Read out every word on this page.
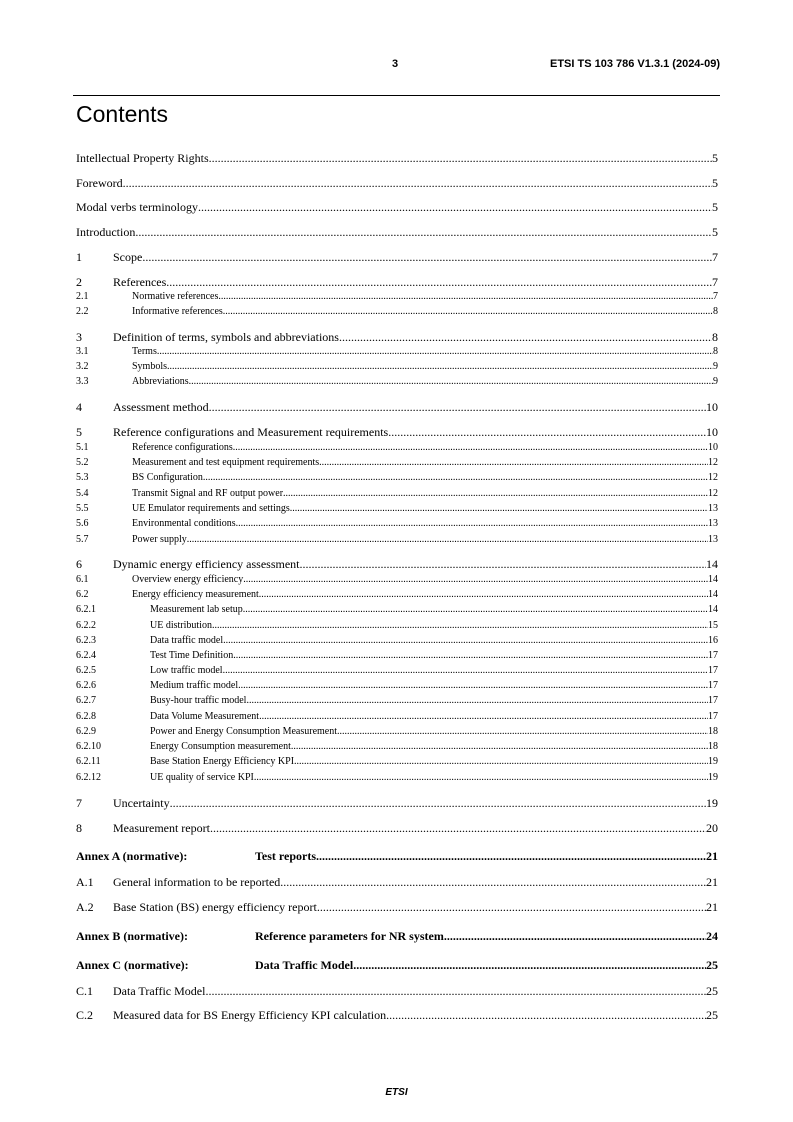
3	ETSI TS 103 786 V1.3.1 (2024-09)
Contents
Intellectual Property Rights .....	5
Foreword .....	5
Modal verbs terminology .....	5
Introduction .....	5
1	Scope .....	7
2	References .....	7
2.1	Normative references .....	7
2.2	Informative references .....	8
3	Definition of terms, symbols and abbreviations .....	8
3.1	Terms .....	8
3.2	Symbols .....	9
3.3	Abbreviations .....	9
4	Assessment method .....	10
5	Reference configurations and Measurement requirements .....	10
5.1	Reference configurations .....	10
5.2	Measurement and test equipment requirements .....	12
5.3	BS Configuration .....	12
5.4	Transmit Signal and RF output power .....	12
5.5	UE Emulator requirements and settings .....	13
5.6	Environmental conditions .....	13
5.7	Power supply .....	13
6	Dynamic energy efficiency assessment .....	14
6.1	Overview energy efficiency .....	14
6.2	Energy efficiency measurement .....	14
6.2.1	Measurement lab setup .....	14
6.2.2	UE distribution .....	15
6.2.3	Data traffic model .....	16
6.2.4	Test Time Definition .....	17
6.2.5	Low traffic model .....	17
6.2.6	Medium traffic model .....	17
6.2.7	Busy-hour traffic model .....	17
6.2.8	Data Volume Measurement .....	17
6.2.9	Power and Energy Consumption Measurement .....	18
6.2.10	Energy Consumption measurement .....	18
6.2.11	Base Station Energy Efficiency KPI .....	19
6.2.12	UE quality of service KPI .....	19
7	Uncertainty .....	19
8	Measurement report .....	20
Annex A (normative):	Test reports .....	21
A.1	General information to be reported .....	21
A.2	Base Station (BS) energy efficiency report .....	21
Annex B (normative):	Reference parameters for NR system .....	24
Annex C (normative):	Data Traffic Model .....	25
C.1	Data Traffic Model .....	25
C.2	Measured data for BS Energy Efficiency KPI calculation .....	25
ETSI
